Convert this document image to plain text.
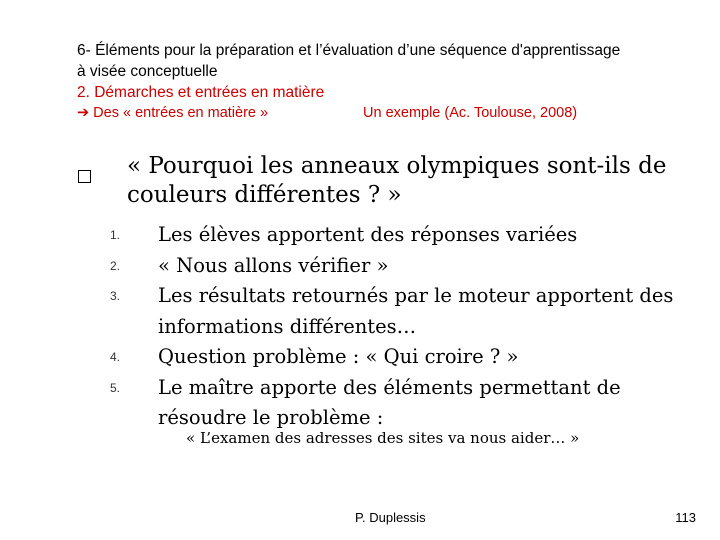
6- Éléments pour la préparation et l’évaluation d’une séquence d'apprentissage
à visée conceptuelle
2. Démarches et entrées en matière
➔ Des « entrées en matière »	Un exemple (Ac. Toulouse, 2008)
« Pourquoi les anneaux olympiques sont-ils de couleurs différentes ? »
1. Les élèves apportent des réponses variées
2. « Nous allons vérifier »
3. Les résultats retournés par le moteur apportent des informations différentes…
4. Question problème : « Qui croire ? »
5. Le maître apporte des éléments permettant de résoudre le problème :
« L’examen des adresses des sites va nous aider… »
P. Duplessis	113
